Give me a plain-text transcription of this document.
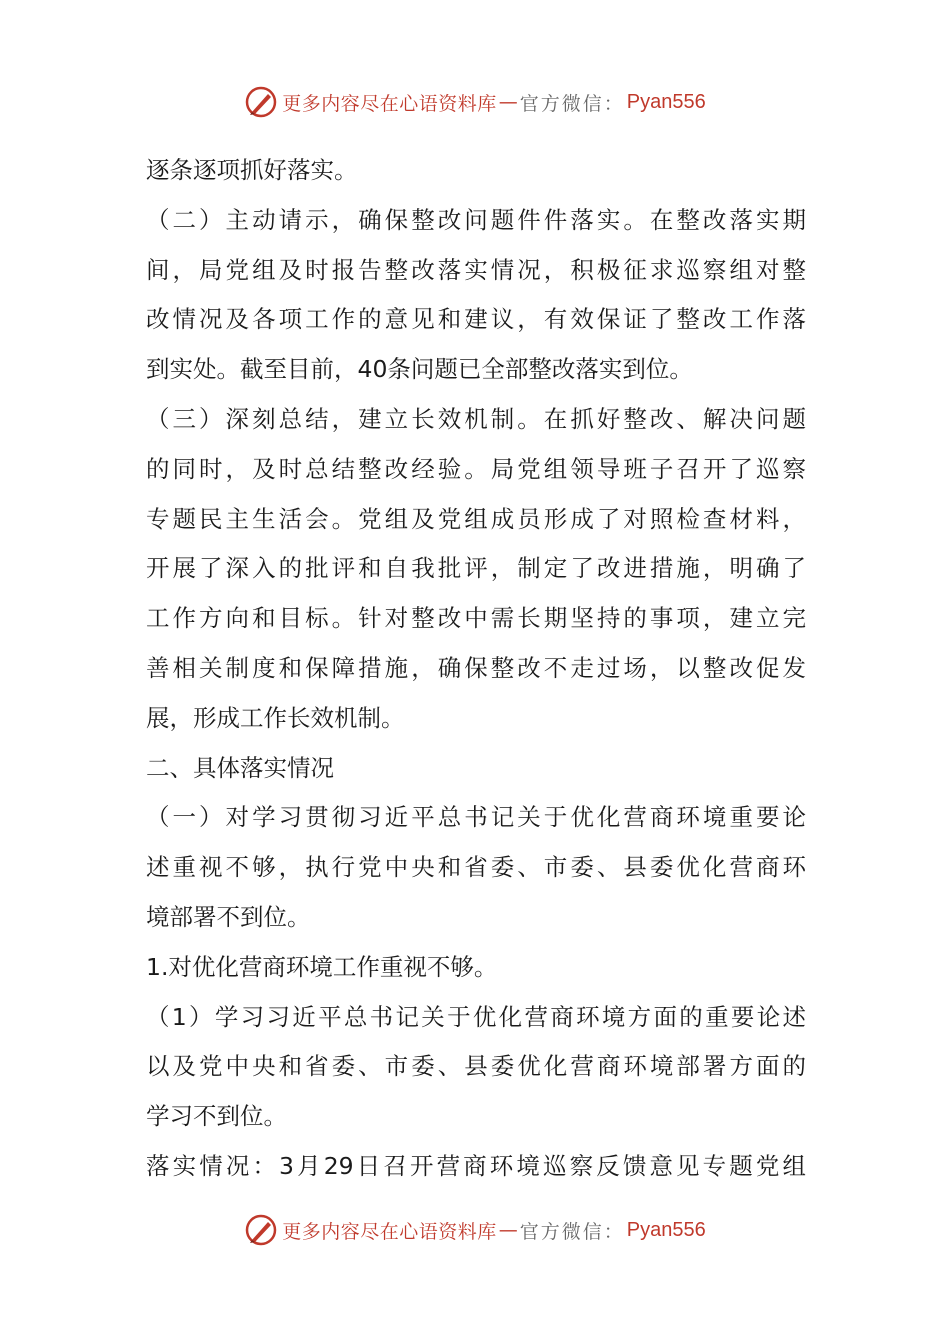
更多内容尽在心语资料库 — 官方微信： Pyan556
逐条逐项抓好落实。
（二）主动请示，确保整改问题件件落实。在整改落实期
间，局党组及时报告整改落实情况，积极征求巡察组对整
改情况及各项工作的意见和建议，有效保证了整改工作落
到实处。截至目前，40条问题已全部整改落实到位。
（三）深刻总结，建立长效机制。在抓好整改、解决问题
的同时，及时总结整改经验。局党组领导班子召开了巡察
专题民主生活会。党组及党组成员形成了对照检查材料，
开展了深入的批评和自我批评，制定了改进措施，明确了
工作方向和目标。针对整改中需长期坚持的事项，建立完
善相关制度和保障措施，确保整改不走过场，以整改促发
展，形成工作长效机制。
二、具体落实情况
（一）对学习贯彻习近平总书记关于优化营商环境重要论
述重视不够，执行党中央和省委、市委、县委优化营商环
境部署不到位。
1.对优化营商环境工作重视不够。
（1）学习习近平总书记关于优化营商环境方面的重要论述
以及党中央和省委、市委、县委优化营商环境部署方面的
学习不到位。
落实情况：3月29日召开营商环境巡察反馈意见专题党组
更多内容尽在心语资料库 — 官方微信： Pyan556
